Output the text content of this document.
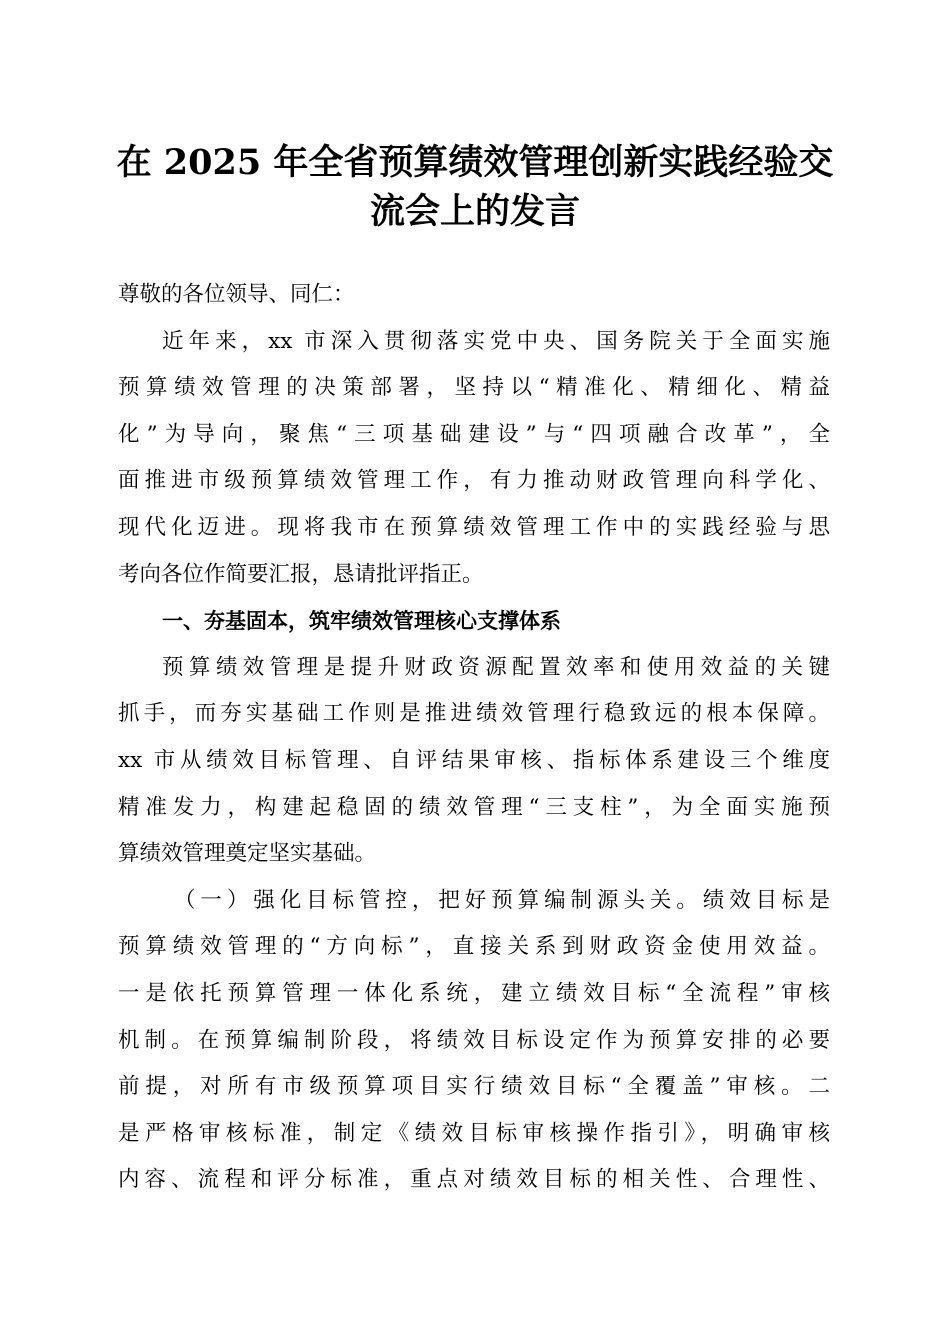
在 2025 年全省预算绩效管理创新实践经验交
流会上的发言
尊敬的各位领导、同仁：
近年来，xx 市深入贯彻落实党中央、国务院关于全面实施
预算绩效管理的决策部署，坚持以“精准化、精细化、精益
化”为导向，聚焦“三项基础建设”与“四项融合改革”，全
面推进市级预算绩效管理工作，有力推动财政管理向科学化、
现代化迈进。现将我市在预算绩效管理工作中的实践经验与思
考向各位作简要汇报，恳请批评指正。
一、夯基固本，筑牢绩效管理核心支撑体系
预算绩效管理是提升财政资源配置效率和使用效益的关键
抓手，而夯实基础工作则是推进绩效管理行稳致远的根本保障。
xx 市从绩效目标管理、自评结果审核、指标体系建设三个维度
精准发力，构建起稳固的绩效管理“三支柱”，为全面实施预
算绩效管理奠定坚实基础。
（一）强化目标管控，把好预算编制源头关。绩效目标是
预算绩效管理的“方向标”，直接关系到财政资金使用效益。
一是依托预算管理一体化系统，建立绩效目标“全流程”审核
机制。在预算编制阶段，将绩效目标设定作为预算安排的必要
前提，对所有市级预算项目实行绩效目标“全覆盖”审核。二
是严格审核标准，制定《绩效目标审核操作指引》，明确审核
内容、流程和评分标准，重点对绩效目标的相关性、合理性、
